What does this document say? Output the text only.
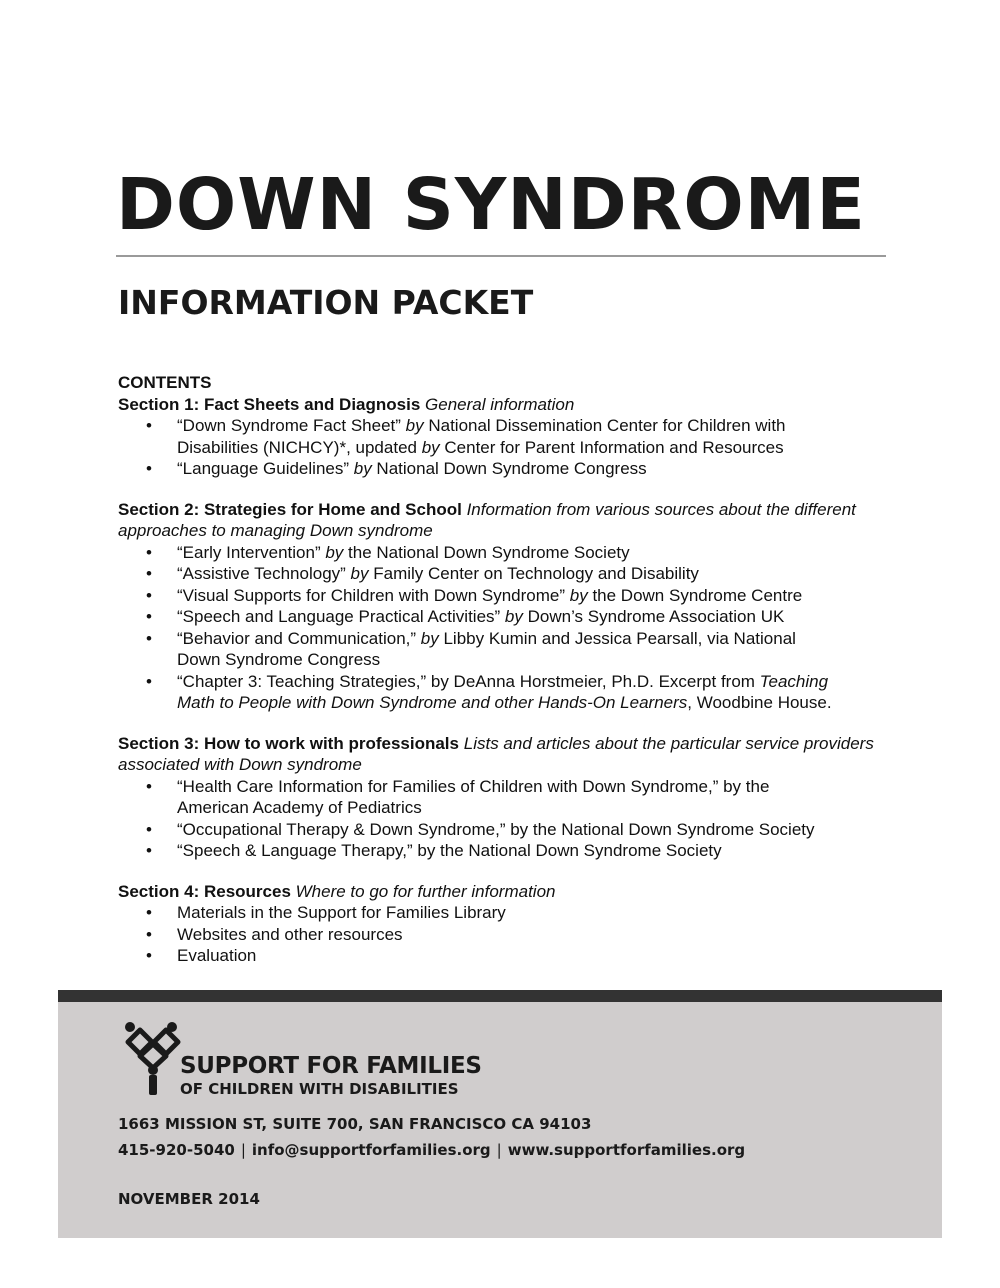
DOWN SYNDROME
INFORMATION PACKET
CONTENTS
Section 1: Fact Sheets and Diagnosis General information
• “Down Syndrome Fact Sheet” by National Dissemination Center for Children with
Disabilities (NICHCY)*, updated by Center for Parent Information and Resources
• “Language Guidelines” by National Down Syndrome Congress
Section 2: Strategies for Home and School Information from various sources about the different approaches to managing Down syndrome
• “Early Intervention” by the National Down Syndrome Society
• “Assistive Technology” by Family Center on Technology and Disability
• “Visual Supports for Children with Down Syndrome” by the Down Syndrome Centre
• “Speech and Language Practical Activities” by Down’s Syndrome Association UK
• “Behavior and Communication,” by Libby Kumin and Jessica Pearsall, via National
Down Syndrome Congress
• “Chapter 3: Teaching Strategies,” by DeAnna Horstmeier, Ph.D. Excerpt from Teaching
Math to People with Down Syndrome and other Hands-On Learners, Woodbine House.
Section 3: How to work with professionals Lists and articles about the particular service providers associated with Down syndrome
• “Health Care Information for Families of Children with Down Syndrome,” by the
American Academy of Pediatrics
• “Occupational Therapy & Down Syndrome,” by the National Down Syndrome Society
• “Speech & Language Therapy,” by the National Down Syndrome Society
Section 4: Resources Where to go for further information
• Materials in the Support for Families Library
• Websites and other resources
• Evaluation
SUPPORT FOR FAMILIES
OF CHILDREN WITH DISABILITIES
1663 MISSION ST, SUITE 700, SAN FRANCISCO CA 94103
415-920-5040 | info@supportforfamilies.org | www.supportforfamilies.org
NOVEMBER 2014
